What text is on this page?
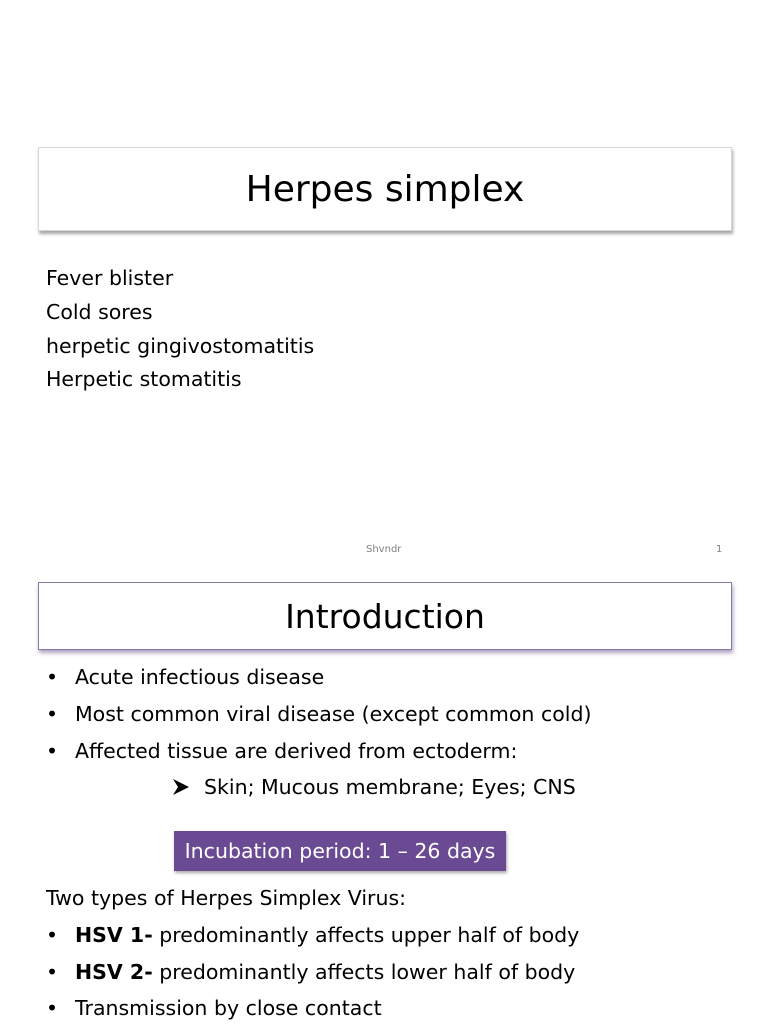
Herpes simplex
Fever blister
Cold sores
herpetic gingivostomatitis
Herpetic stomatitis
Shvndr	1
Introduction
• Acute infectious disease
• Most common viral disease (except common cold)
• Affected tissue are derived from ectoderm:
Skin; Mucous membrane; Eyes; CNS
Incubation period: 1 – 26 days
Two types of Herpes Simplex Virus:
• HSV 1- predominantly affects upper half of body
• HSV 2- predominantly affects lower half of body
• Transmission by close contact
